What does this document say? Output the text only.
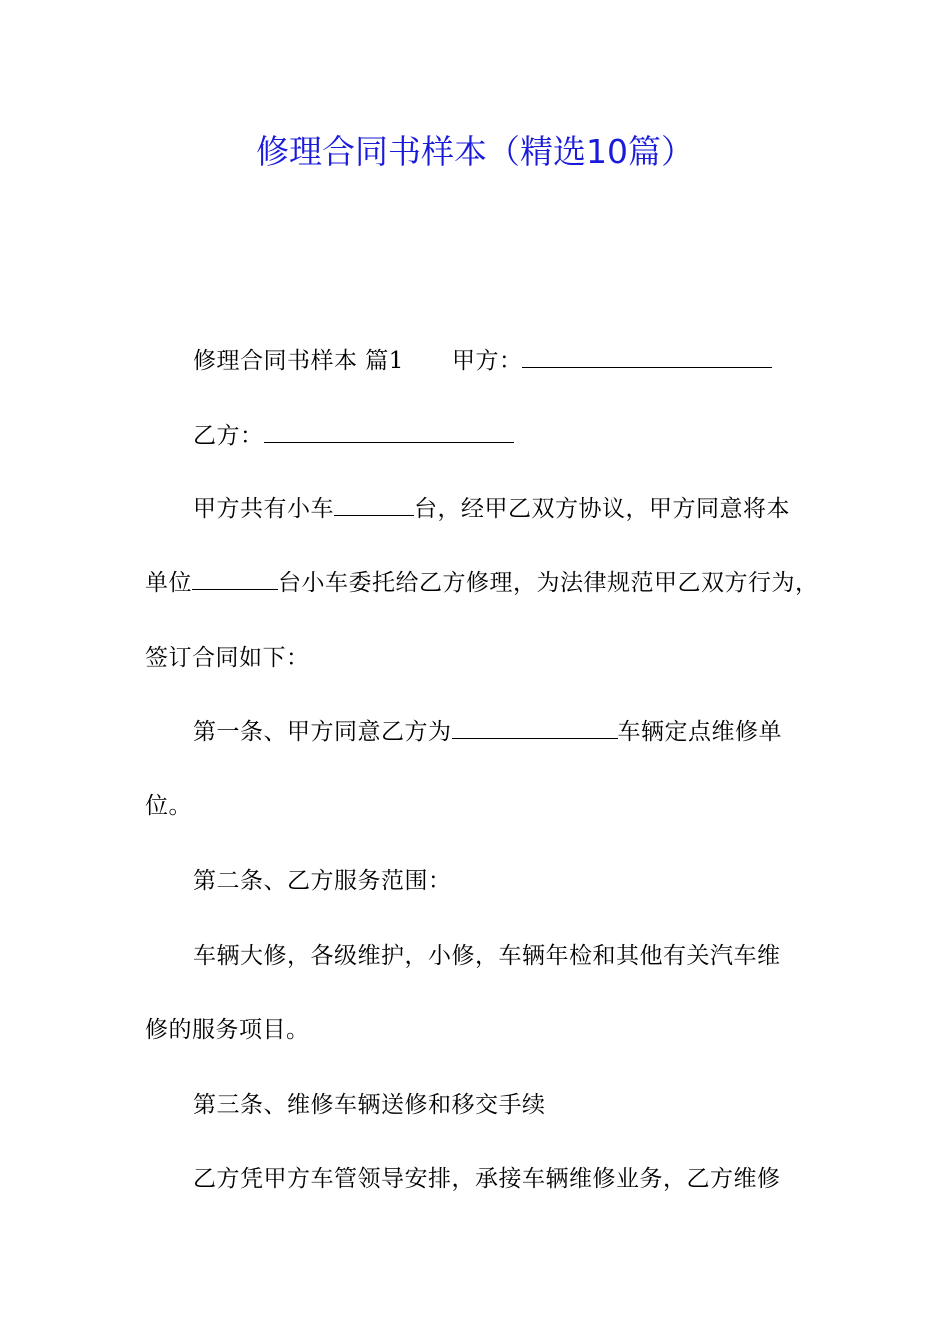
修理合同书样本（精选10篇）
修理合同书样本 篇1 甲方：
乙方：
甲方共有小车	台，经甲乙双方协议，甲方同意将本
单位	台小车委托给乙方修理，为法律规范甲乙双方行为，
签订合同如下：
第一条、甲方同意乙方为	车辆定点维修单
位。
第二条、乙方服务范围：
车辆大修，各级维护，小修，车辆年检和其他有关汽车维
修的服务项目。
第三条、维修车辆送修和移交手续
乙方凭甲方车管领导安排，承接车辆维修业务，乙方维修
